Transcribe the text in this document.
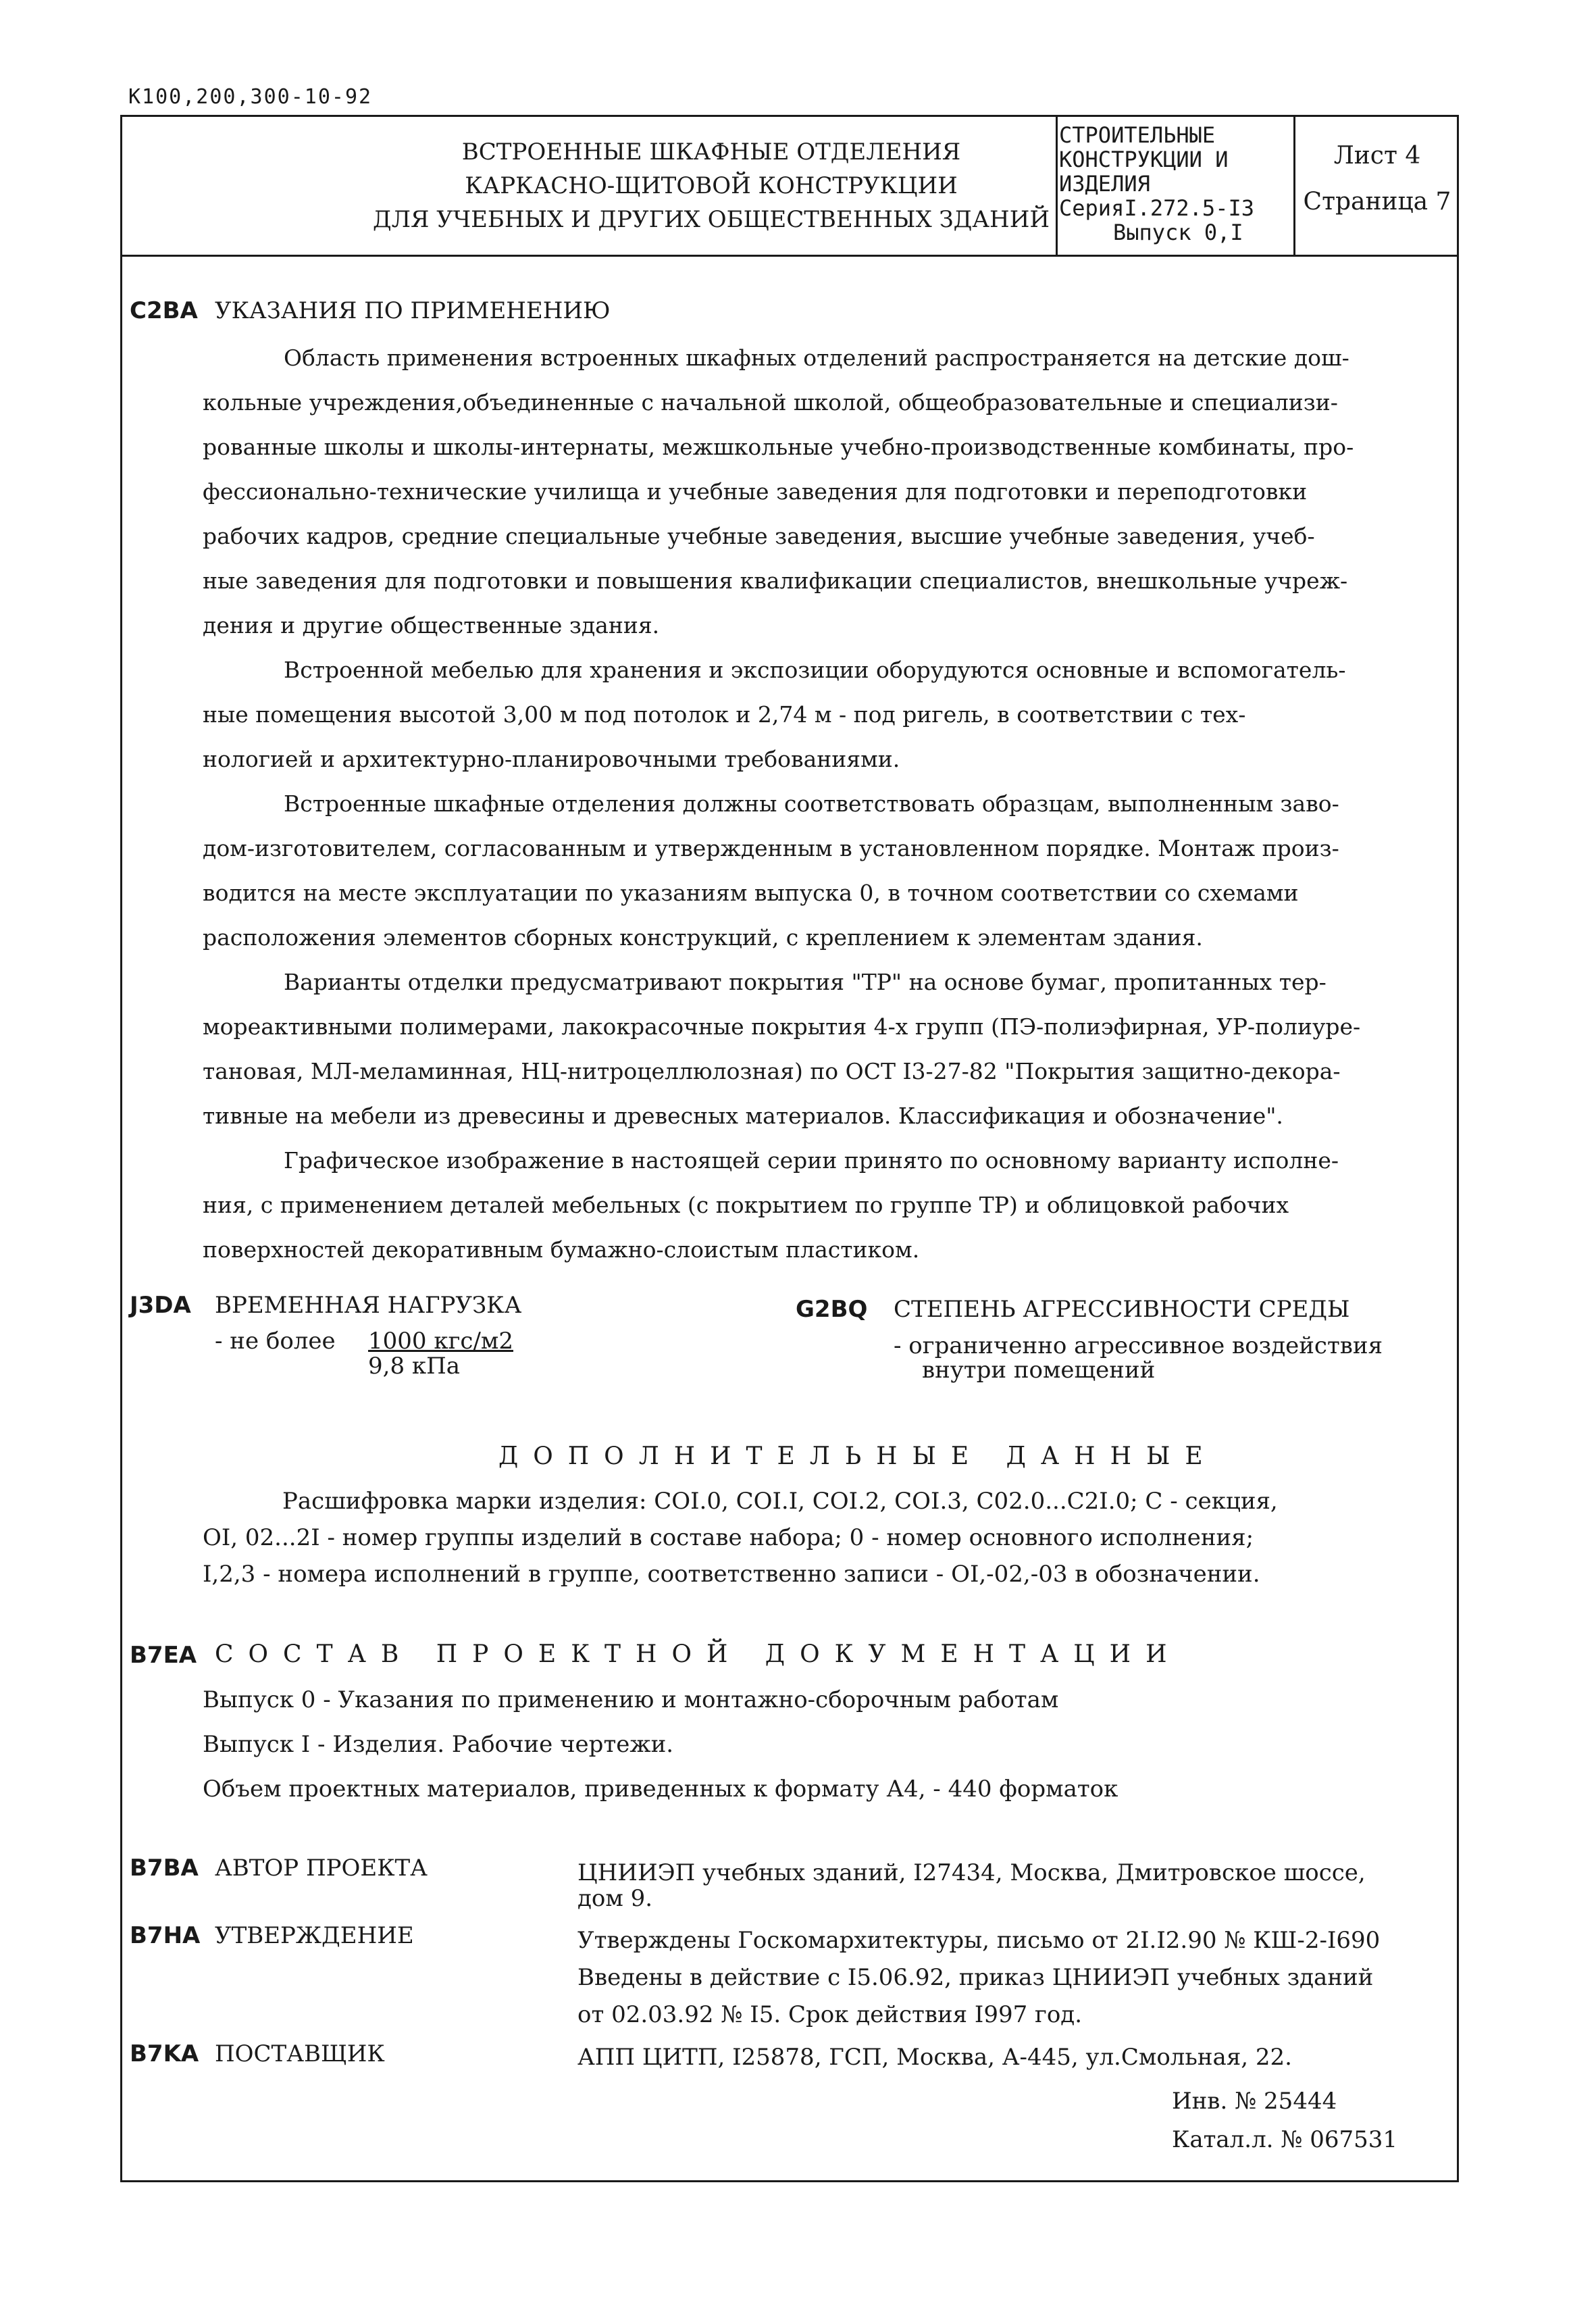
К100,200,300-10-92
ВСТРОЕННЫЕ ШКАФНЫЕ ОТДЕЛЕНИЯ
КАРКАСНО-ЩИТОВОЙ КОНСТРУКЦИИ
ДЛЯ УЧЕБНЫХ И ДРУГИХ ОБЩЕСТВЕННЫХ ЗДАНИЙ
СТРОИТЕЛЬНЫЕ
КОНСТРУКЦИИ И
ИЗДЕЛИЯ
СерияI.272.5-I3
Выпуск 0,I
Лист 4
Страница 7
C2BA УКАЗАНИЯ ПО ПРИМЕНЕНИЮ
Область применения встроенных шкафных отделений распространяется на детские дош-
кольные учреждения,объединенные с начальной школой, общеобразовательные и специализи-
рованные школы и школы-интернаты, межшкольные учебно-производственные комбинаты, про-
фессионально-технические училища и учебные заведения для подготовки и переподготовки
рабочих кадров, средние специальные учебные заведения, высшие учебные заведения, учеб-
ные заведения для подготовки и повышения квалификации специалистов, внешкольные учреж-
дения и другие общественные здания.
Встроенной мебелью для хранения и экспозиции оборудуются основные и вспомогатель-
ные помещения высотой 3,00 м под потолок и 2,74 м - под ригель, в соответствии с тех-
нологией и архитектурно-планировочными требованиями.
Встроенные шкафные отделения должны соответствовать образцам, выполненным заво-
дом-изготовителем, согласованным и утвержденным в установленном порядке. Монтаж произ-
водится на месте эксплуатации по указаниям выпуска 0, в точном соответствии со схемами
расположения элементов сборных конструкций, с креплением к элементам здания.
Варианты отделки предусматривают покрытия "ТР" на основе бумаг, пропитанных тер-
мореактивными полимерами, лакокрасочные покрытия 4-х групп (ПЭ-полиэфирная, УР-полиуре-
тановая, МЛ-меламинная, НЦ-нитроцеллюлозная) по ОСТ I3-27-82 "Покрытия защитно-декора-
тивные на мебели из древесины и древесных материалов. Классификация и обозначение".
Графическое изображение в настоящей серии принято по основному варианту исполне-
ния, с применением деталей мебельных (с покрытием по группе ТР) и облицовкой рабочих
поверхностей декоративным бумажно-слоистым пластиком.
J3DA ВРЕМЕННАЯ НАГРУЗКА
- не более 1000 кгс/м2
9,8 кПа
G2BQ СТЕПЕНЬ АГРЕССИВНОСТИ СРЕДЫ
- ограниченно агрессивное воздействия
внутри помещений
ДОПОЛНИТЕЛЬНЫЕ ДАННЫЕ
Расшифровка марки изделия: COI.0, COI.I, COI.2, COI.3, C02.0...C2I.0; С - секция,
OI, 02...2I - номер группы изделий в составе набора; 0 - номер основного исполнения;
I,2,3 - номера исполнений в группе, соответственно записи - OI,-02,-03 в обозначении.
B7EA СОСТАВ ПРОЕКТНОЙ ДОКУМЕНТАЦИИ
Выпуск 0 - Указания по применению и монтажно-сборочным работам
Выпуск I - Изделия. Рабочие чертежи.
Объем проектных материалов, приведенных к формату А4, - 440 форматок
B7BA АВТОР ПРОЕКТА	ЦНИИЭП учебных зданий, I27434, Москва, Дмитровское шоссе,
дом 9.
B7HA УТВЕРЖДЕНИЕ	Утверждены Госкомархитектуры, письмо от 2I.I2.90 № КШ-2-I690
Введены в действие с I5.06.92, приказ ЦНИИЭП учебных зданий
от 02.03.92 № I5. Срок действия I997 год.
B7KA ПОСТАВЩИК	АПП ЦИТП, I25878, ГСП, Москва, А-445, ул.Смольная, 22.
Инв. № 25444
Катал.л. № 067531
